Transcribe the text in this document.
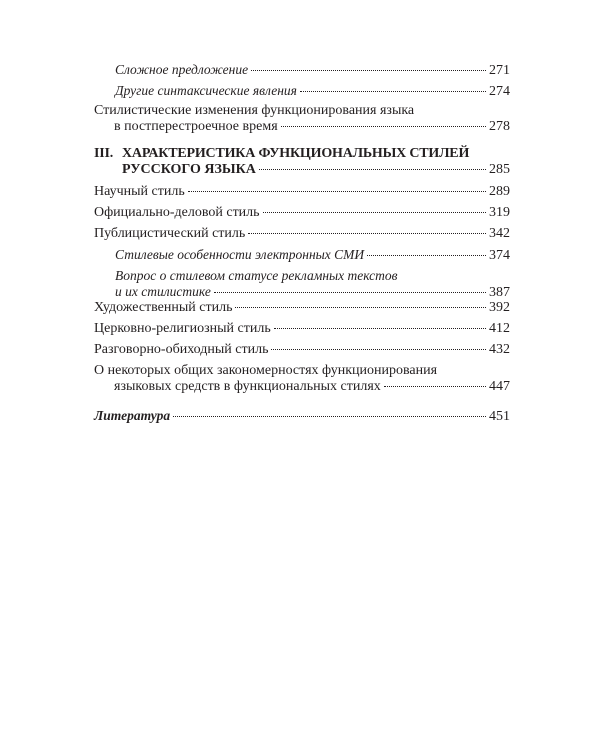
Сложное предложение	271
Другие синтаксические явления	274
Стилистические изменения функционирования языка
в постперестроечное время	278
III. ХАРАКТЕРИСТИКА ФУНКЦИОНАЛЬНЫХ СТИЛЕЙ
РУССКОГО ЯЗЫКА	285
Научный стиль	289
Официально-деловой стиль	319
Публицистический стиль	342
Стилевые особенности электронных СМИ	374
Вопрос о стилевом статусе рекламных текстов
и их стилистике	387
Художественный стиль	392
Церковно-религиозный стиль	412
Разговорно-обиходный стиль	432
О некоторых общих закономерностях функционирования
языковых средств в функциональных стилях	447
Литература	451
